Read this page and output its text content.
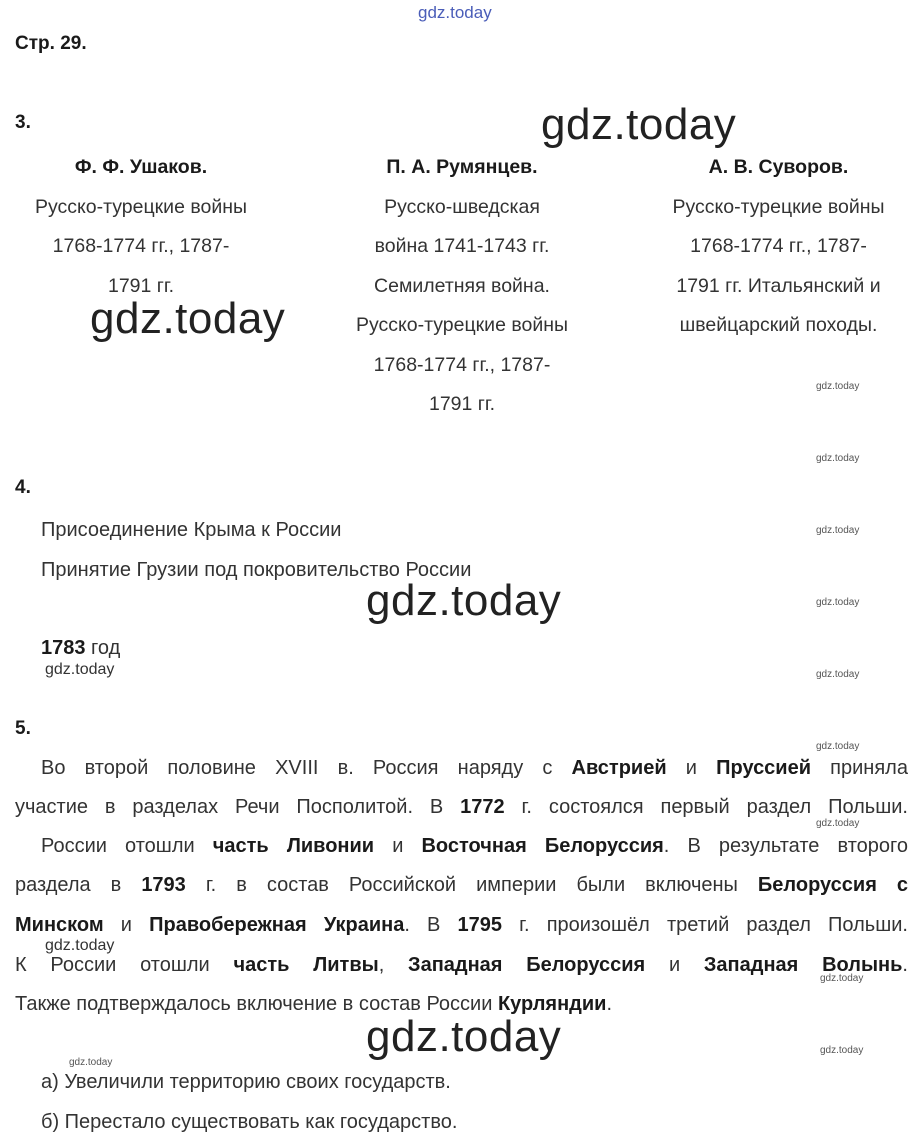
gdz.today
gdz.today
gdz.today
gdz.today
gdz.today
gdz.today
gdz.today
gdz.today
gdz.today
gdz.today
gdz.today
gdz.today
gdz.today
gdz.today
gdz.today
gdz.today
gdz.today
Стр. 29.
3.
Ф. Ф. Ушаков.
Русско-турецкие войны
1768-1774 гг., 1787-
1791 гг.
П. А. Румянцев.
Русско-шведская
война 1741-1743 гг.
Семилетняя война.
Русско-турецкие войны
1768-1774 гг., 1787-
1791 гг.
А. В. Суворов.
Русско-турецкие войны
1768-1774 гг., 1787-
1791 гг. Итальянский и
швейцарский походы.
4.
Присоединение Крыма к России
Принятие Грузии под покровительство России
1783 год
5.
Во второй половине XVIII в. Россия наряду с Австрией и Пруссией приняла
участие в разделах Речи Посполитой. В 1772 г. состоялся первый раздел Польши.
России отошли часть Ливонии и Восточная Белоруссия. В результате второго
раздела в 1793 г. в состав Российской империи были включены Белоруссия с
Минском и Правобережная Украина. В 1795 г. произошёл третий раздел Польши.
К России отошли часть Литвы, Западная Белоруссия и Западная Волынь.
Также подтверждалось включение в состав России Курляндии.
а) Увеличили территорию своих государств.
б) Перестало существовать как государство.
